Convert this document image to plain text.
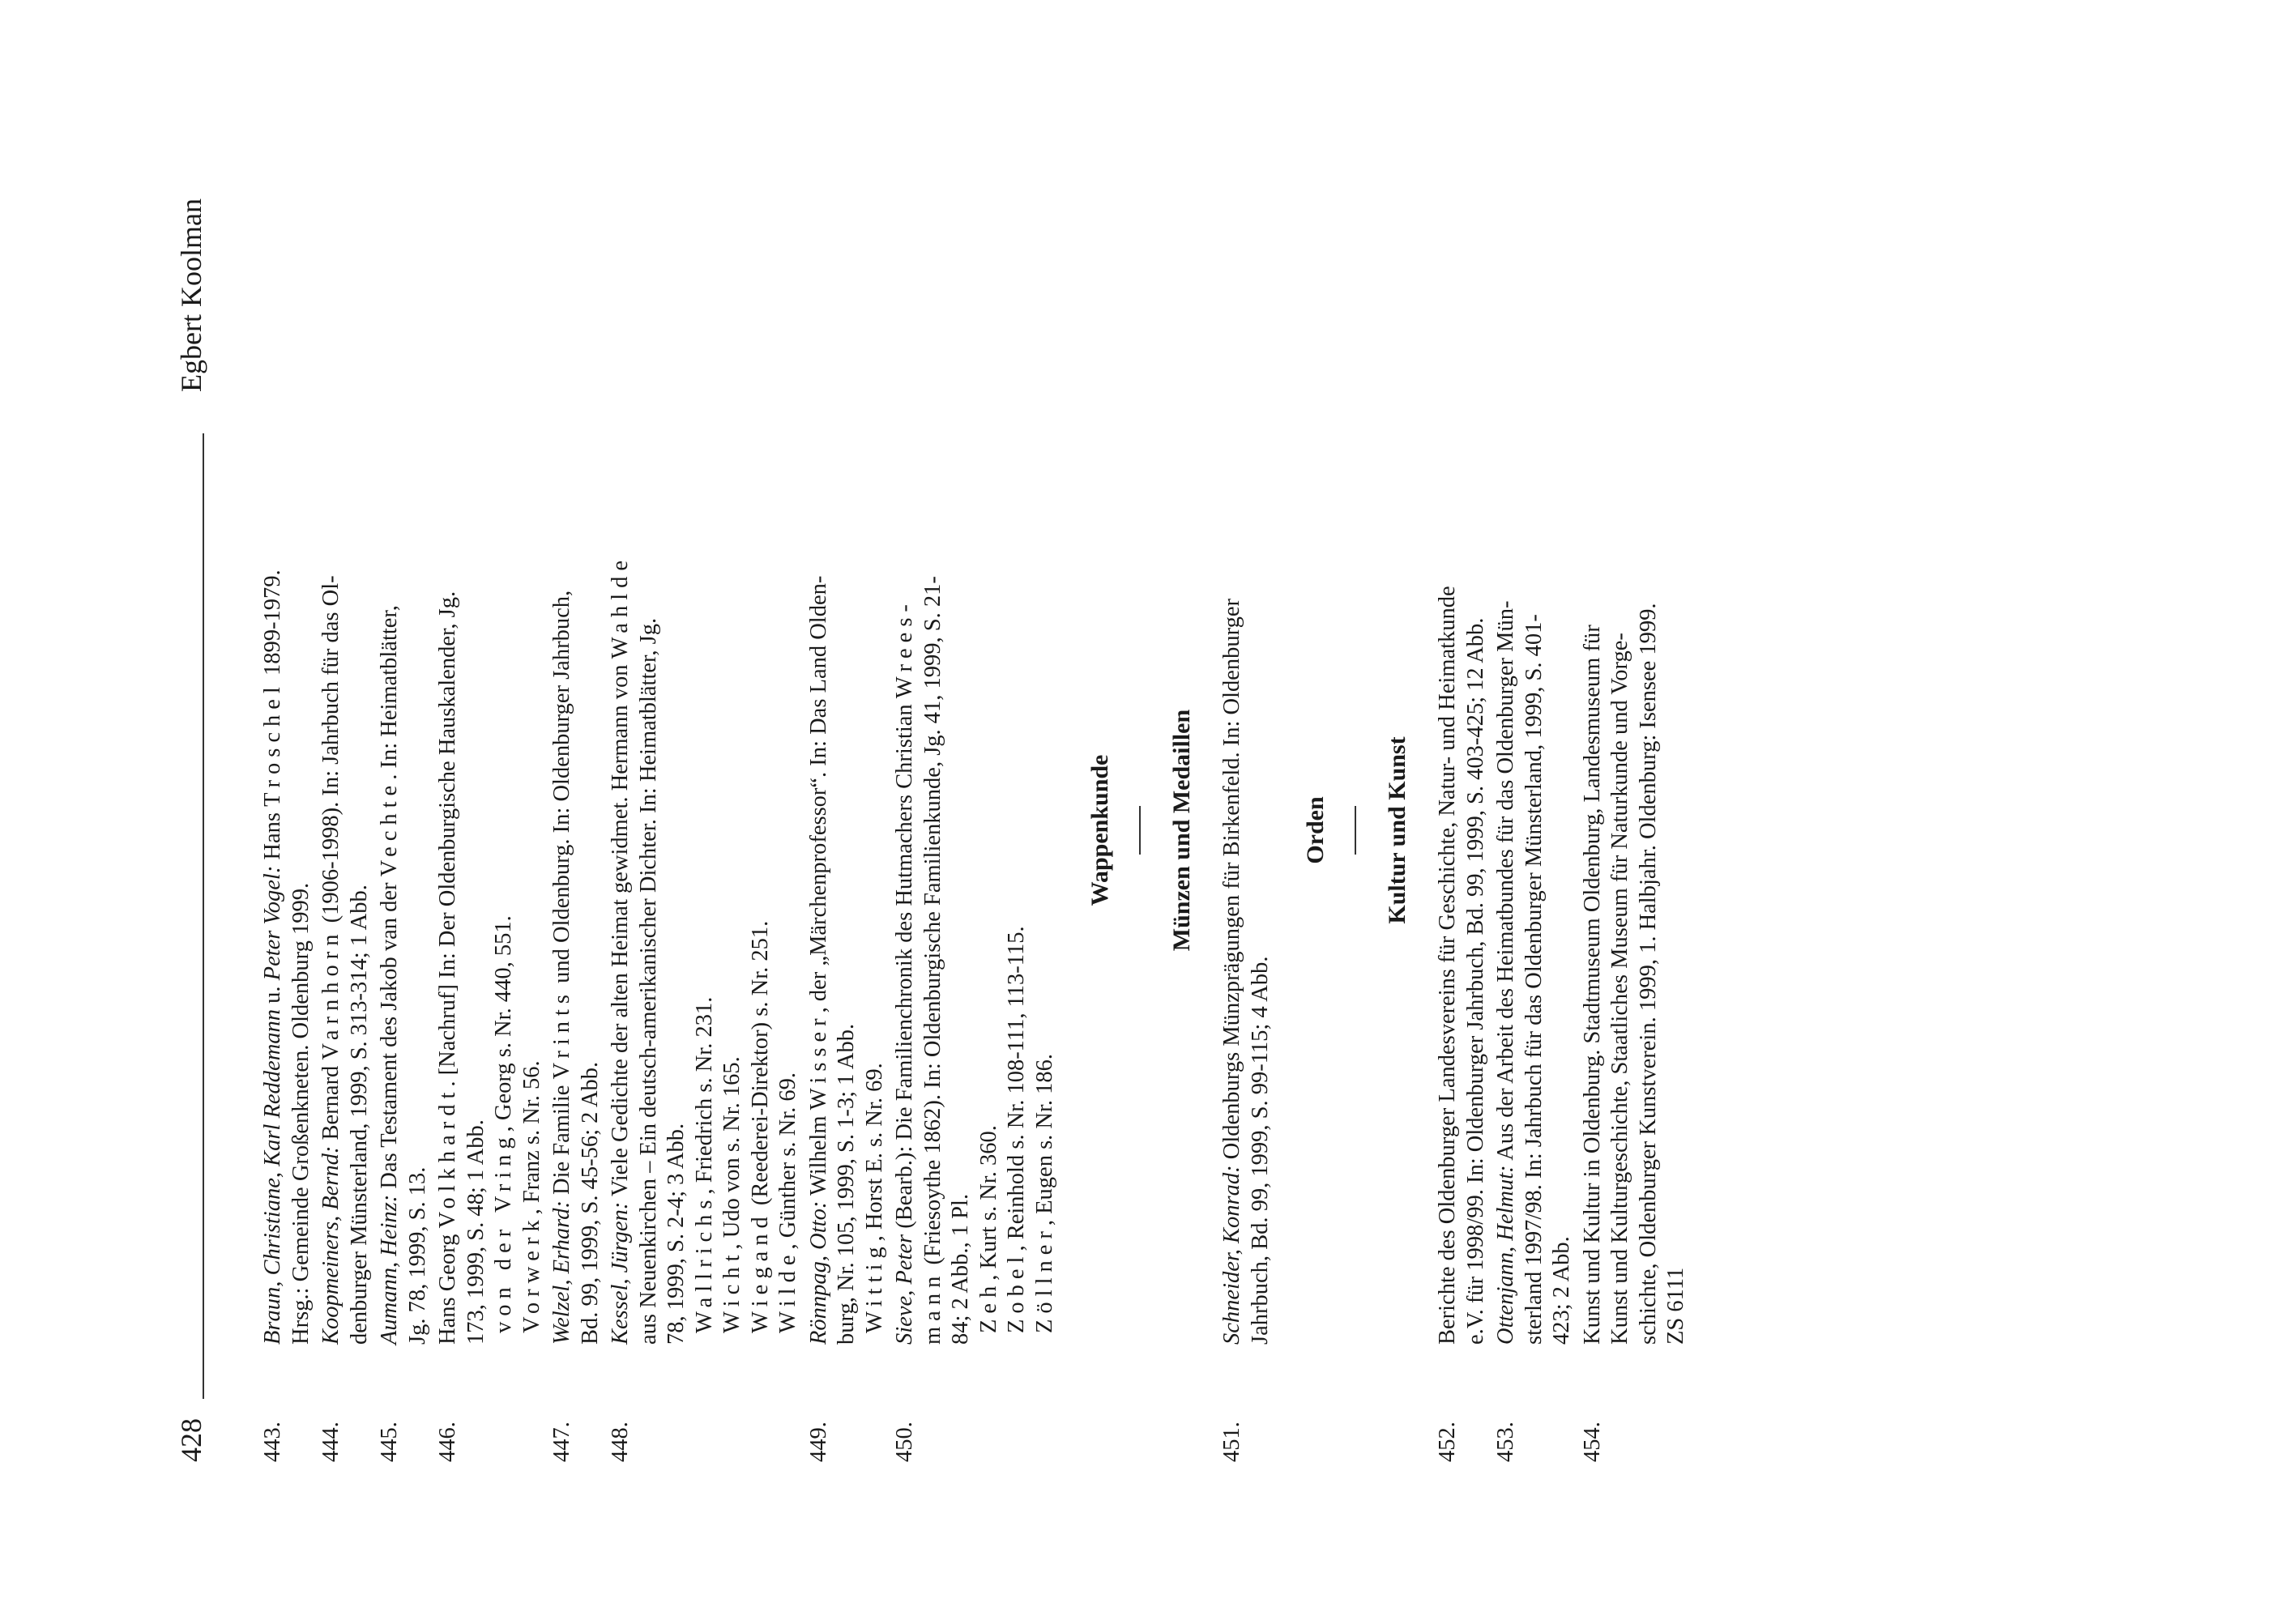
428
Egbert Koolman
443.
Braun, Christiane, Karl Reddemann u. Peter Vogel: Hans Troschel 1899-1979.
Hrsg.: Gemeinde Großenkneten. Oldenburg 1999.
444.
Koopmeiners, Bernd: Bernard Varnhorn (1906-1998). In: Jahrbuch für das Ol-
denburger Münsterland, 1999, S. 313-314; 1 Abb.
445.
Aumann, Heinz: Das Testament des Jakob van der Vechte. In: Heimatblätter,
Jg. 78, 1999, S. 13.
446.
Hans Georg Volkhardt. [Nachruf] In: Der Oldenburgische Hauskalender, Jg.
173, 1999, S. 48; 1 Abb. von der Vring, Georg s. Nr. 440, 551.
Vorwerk, Franz s. Nr. 56.
447.
Welzel, Erhard: Die Familie Vrints und Oldenburg. In: Oldenburger Jahrbuch,
Bd. 99, 1999, S. 45-56; 2 Abb.
448.
Kessel, Jürgen: Viele Gedichte der alten Heimat gewidmet. Hermann von Wahlde
aus Neuenkirchen – Ein deutsch-amerikanischer Dichter. In: Heimatblätter, Jg. 78, 1999, S. 2-4; 3 Abb. Wallrichs, Friedrich s. Nr. 231.
Wicht, Udo von s. Nr. 165.
Wiegand (Reederei-Direktor) s. Nr. 251.
Wilde, Günther s. Nr. 69.
449.
Rönnpag, Otto: Wilhelm Wisser, der „Märchenprofessor“. In: Das Land Olden-
burg, Nr. 105, 1999, S. 1-3; 1 Abb. Wittig, Horst E. s. Nr. 69.
450.
Sieve, Peter (Bearb.): Die Familienchronik des Hutmachers Christian Wrees-
mann (Friesoythe 1862). In: Oldenburgische Familienkunde, Jg. 41, 1999, S. 21- 84; 2 Abb., 1 Pl. Zeh, Kurt s. Nr. 360.
Zobel, Reinhold s. Nr. 108-111, 113-115.
Zöllner, Eugen s. Nr. 186.
Wappenkunde Münzen und Medaillen
451.
Schneider, Konrad: Oldenburgs Münzprägungen für Birkenfeld. In: Oldenburger Jahrbuch, Bd. 99, 1999, S. 99-115; 4 Abb.
Orden Kultur und Kunst
452.
Berichte des Oldenburger Landesvereins für Geschichte, Natur- und Heimatkunde e.V. für 1998/99. In: Oldenburger Jahrbuch, Bd. 99, 1999, S. 403-425; 12 Abb.
453.
Ottenjann, Helmut: Aus der Arbeit des Heimatbundes für das Oldenburger Mün- sterland 1997/98. In: Jahrbuch für das Oldenburger Münsterland, 1999, S. 401- 423; 2 Abb.
454.
Kunst und Kultur in Oldenburg. Stadtmuseum Oldenburg, Landesmuseum für Kunst und Kulturgeschichte, Staatliches Museum für Naturkunde und Vorge- schichte, Oldenburger Kunstverein. 1999, 1. Halbjahr. Oldenburg: Isensee 1999. ZS 6111
